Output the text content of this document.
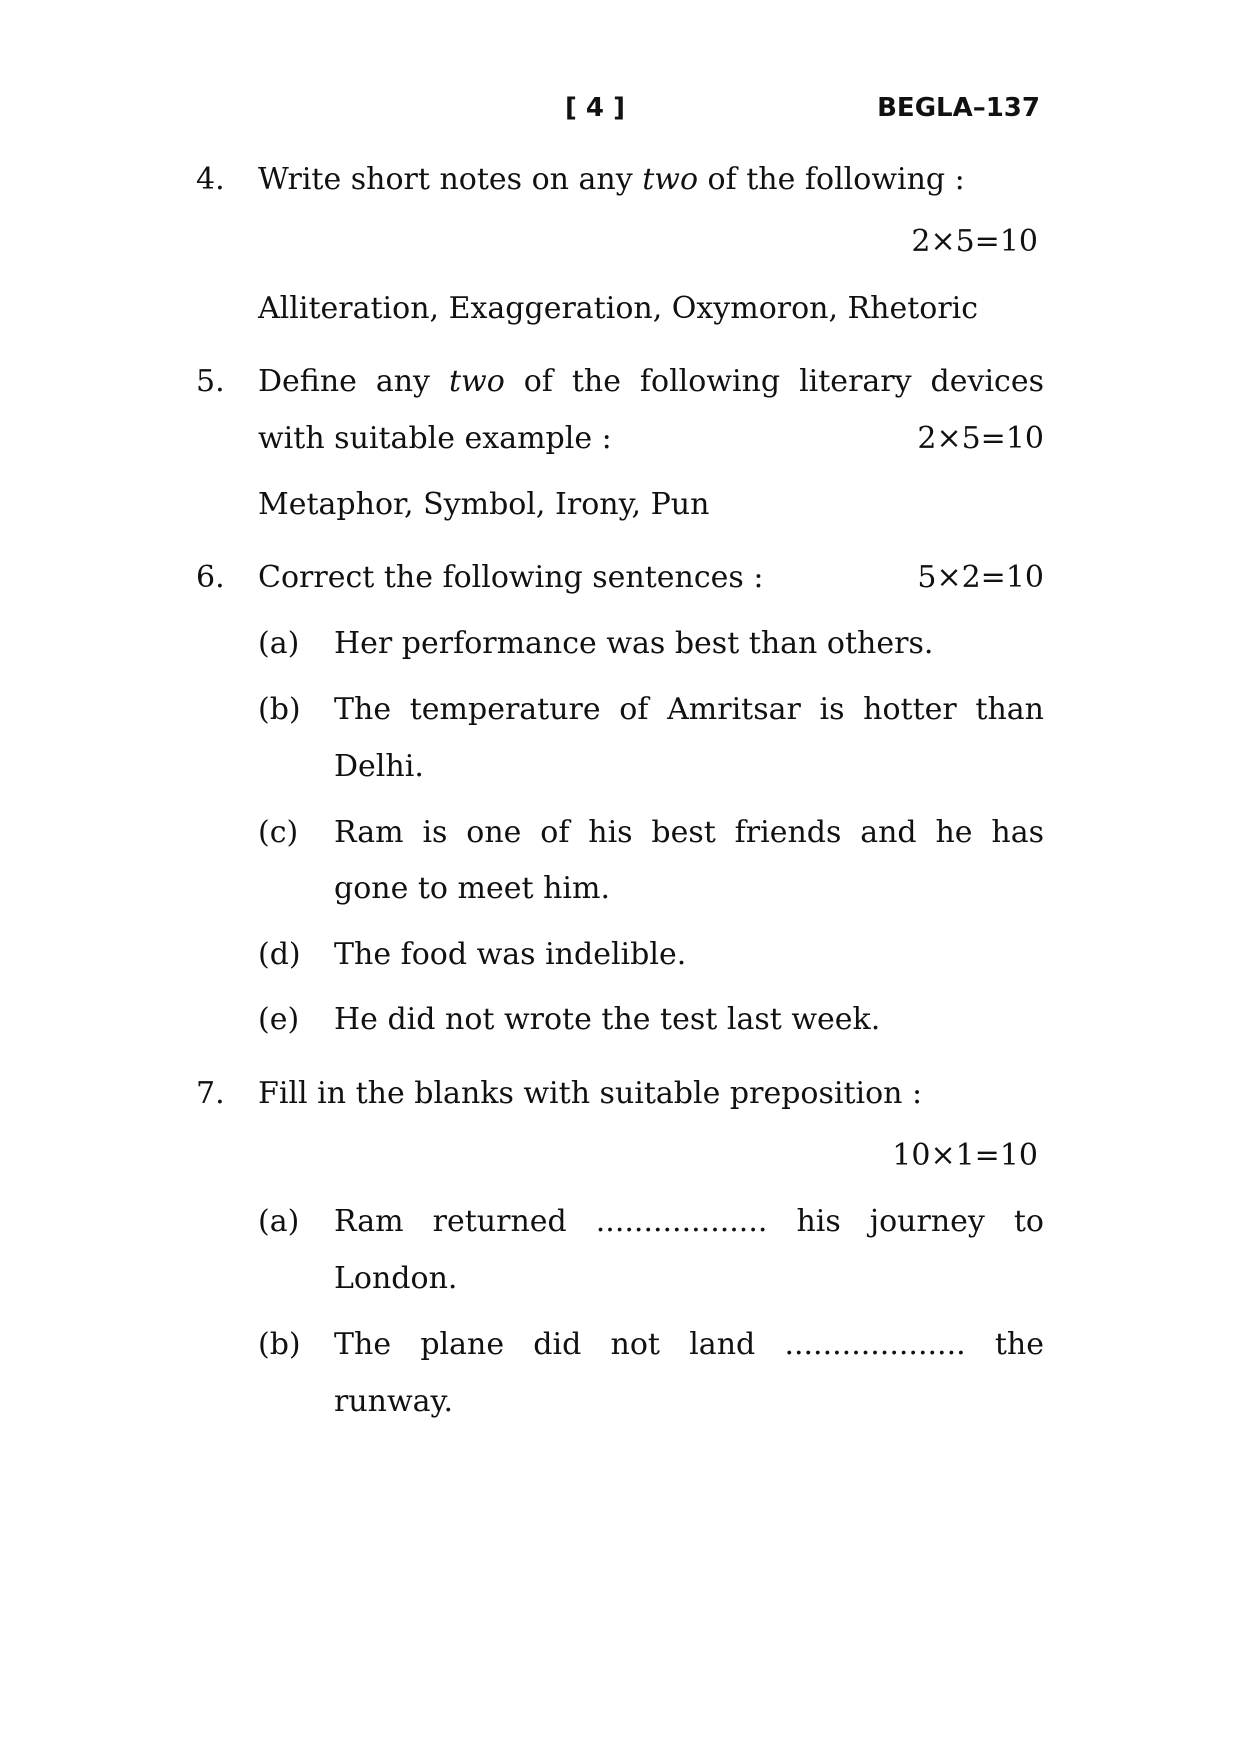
[ 4 ]	BEGLA–137
4. Write short notes on any two of the following :
2×5=10
Alliteration, Exaggeration, Oxymoron, Rhetoric
5. Define any two of the following literary devices
with suitable example :	2×5=10
Metaphor, Symbol, Irony, Pun
6. Correct the following sentences :	5×2=10
(a) Her performance was best than others.
(b) The temperature of Amritsar is hotter than
Delhi.
(c) Ram is one of his best friends and he has
gone to meet him.
(d) The food was indelible.
(e) He did not wrote the test last week.
7. Fill in the blanks with suitable preposition :
10×1=10
(a) Ram returned .................. his journey to
London.
(b) The plane did not land ................... the
runway.
